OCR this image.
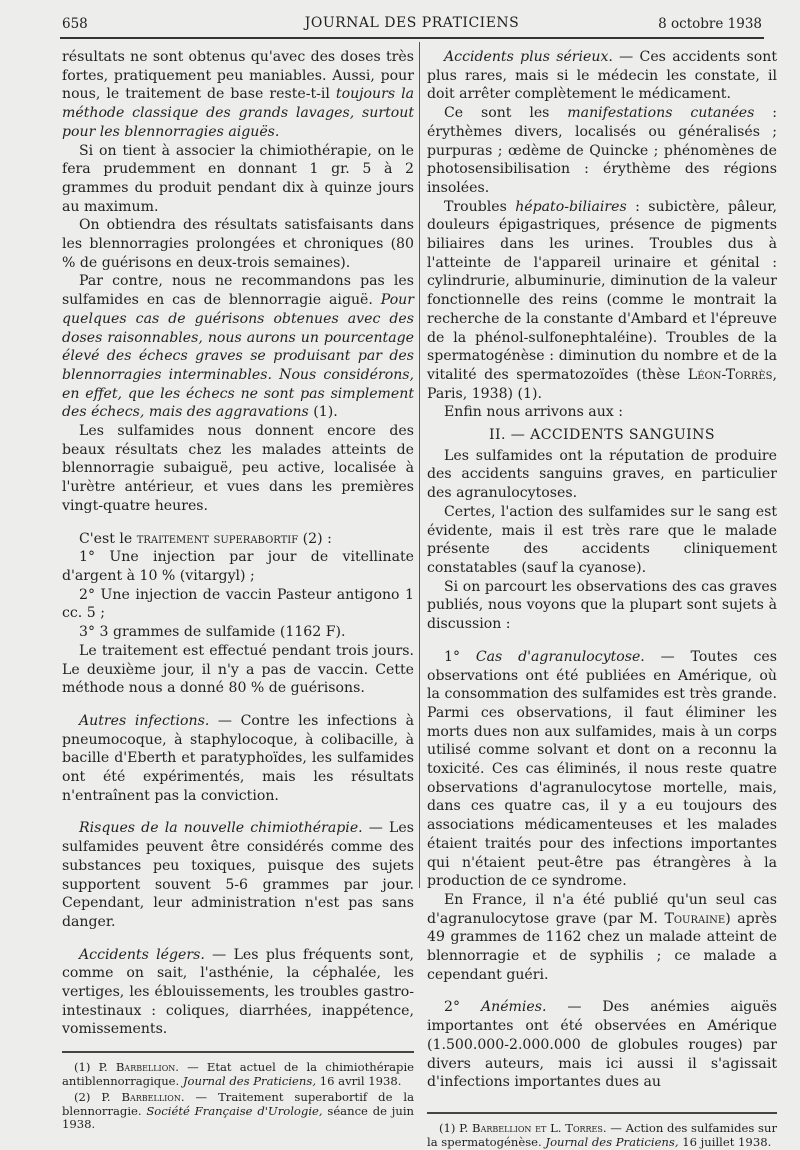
658	JOURNAL DES PRATICIENS	8 octobre 1938

résultats ne sont obtenus qu'avec des doses très fortes, pratiquement peu maniables. Aussi, pour nous, le traitement de base reste-t-il toujours la méthode classique des grands lavages, surtout pour les blennorragies aiguës.

Si on tient à associer la chimiothérapie, on le fera prudemment en donnant 1 gr. 5 à 2 grammes du produit pendant dix à quinze jours au maximum.

On obtiendra des résultats satisfaisants dans les blennorragies prolongées et chroniques (80 % de guérisons en deux-trois semaines).

Par contre, nous ne recommandons pas les sulfamides en cas de blennorragie aiguë. Pour quelques cas de guérisons obtenues avec des doses raisonnables, nous aurons un pourcentage élevé des échecs graves se produisant par des blennorragies interminables. Nous considérons, en effet, que les échecs ne sont pas simplement des échecs, mais des aggravations (1).

Les sulfamides nous donnent encore des beaux résultats chez les malades atteints de blennorragie subaiguë, peu active, localisée à l'urètre antérieur, et vues dans les premières vingt-quatre heures.

C'est le traitement superabortif (2) :

1° Une injection par jour de vitellinate d'argent à 10 % (vitargyl) ;

2° Une injection de vaccin Pasteur antigono 1 cc. 5 ;

3° 3 grammes de sulfamide (1162 F).

Le traitement est effectué pendant trois jours. Le deuxième jour, il n'y a pas de vaccin. Cette méthode nous a donné 80 % de guérisons.

Autres infections. — Contre les infections à pneumocoque, à staphylocoque, à colibacille, à bacille d'Eberth et paratyphoïdes, les sulfamides ont été expérimentés, mais les résultats n'entraînent pas la conviction.

Risques de la nouvelle chimiothérapie. — Les sulfamides peuvent être considérés comme des substances peu toxiques, puisque des sujets supportent souvent 5-6 grammes par jour. Cependant, leur administration n'est pas sans danger.

Accidents légers. — Les plus fréquents sont, comme on sait, l'asthénie, la céphalée, les vertiges, les éblouissements, les troubles gastro-intestinaux : coliques, diarrhées, inappétence, vomissements.

(1) P. Barbellion. — Etat actuel de la chimiothérapie antiblennorragique. Journal des Praticiens, 16 avril 1938.

(2) P. Barbellion. — Traitement superabortif de la blennorragie. Société Française d'Urologie, séance de juin 1938.

Accidents plus sérieux. — Ces accidents sont plus rares, mais si le médecin les constate, il doit arrêter complètement le médicament.

Ce sont les manifestations cutanées : érythèmes divers, localisés ou généralisés ; purpuras ; œdème de Quincke ; phénomènes de photosensibilisation : érythème des régions insolées.

Troubles hépato-biliaires : subictère, pâleur, douleurs épigastriques, présence de pigments biliaires dans les urines. Troubles dus à l'atteinte de l'appareil urinaire et génital : cylindrurie, albuminurie, diminution de la valeur fonctionnelle des reins (comme le montrait la recherche de la constante d'Ambard et l'épreuve de la phénol-sulfonephtaléine). Troubles de la spermatogénèse : diminution du nombre et de la vitalité des spermatozoïdes (thèse Léon-Torrès, Paris, 1938) (1).

Enfin nous arrivons aux :

II. — ACCIDENTS SANGUINS

Les sulfamides ont la réputation de produire des accidents sanguins graves, en particulier des agranulocytoses.

Certes, l'action des sulfamides sur le sang est évidente, mais il est très rare que le malade présente des accidents cliniquement constatables (sauf la cyanose).

Si on parcourt les observations des cas graves publiés, nous voyons que la plupart sont sujets à discussion :

1° Cas d'agranulocytose. — Toutes ces observations ont été publiées en Amérique, où la consommation des sulfamides est très grande. Parmi ces observations, il faut éliminer les morts dues non aux sulfamides, mais à un corps utilisé comme solvant et dont on a reconnu la toxicité. Ces cas éliminés, il nous reste quatre observations d'agranulocytose mortelle, mais, dans ces quatre cas, il y a eu toujours des associations médicamenteuses et les malades étaient traités pour des infections importantes qui n'étaient peut-être pas étrangères à la production de ce syndrome.

En France, il n'a été publié qu'un seul cas d'agranulocytose grave (par M. Touraine) après 49 grammes de 1162 chez un malade atteint de blennorragie et de syphilis ; ce malade a cependant guéri.

2° Anémies. — Des anémies aiguës importantes ont été observées en Amérique (1.500.000-2.000.000 de globules rouges) par divers auteurs, mais ici aussi il s'agissait d'infections importantes dues au

(1) P. Barbellion et L. Torres. — Action des sulfamides sur la spermatogénèse. Journal des Praticiens, 16 juillet 1938.
